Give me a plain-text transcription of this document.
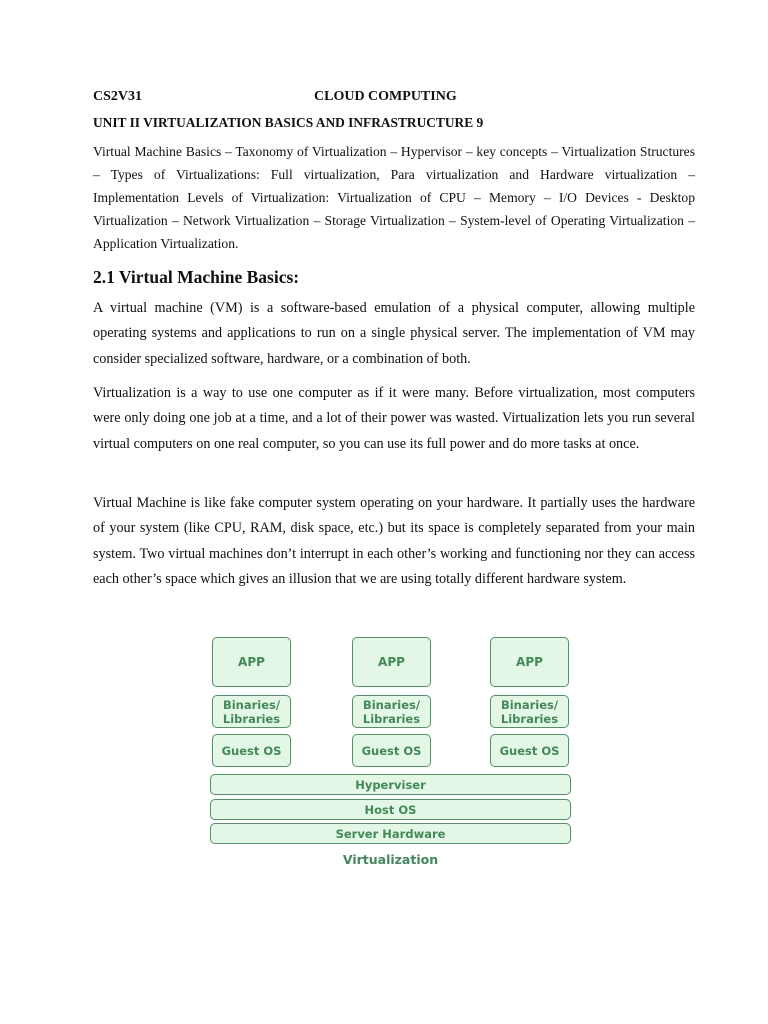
CS2V31	CLOUD COMPUTING
UNIT II VIRTUALIZATION BASICS AND INFRASTRUCTURE 9

Virtual Machine Basics – Taxonomy of Virtualization – Hypervisor – key concepts – Virtualization Structures – Types of Virtualizations: Full virtualization, Para virtualization and Hardware virtualization – Implementation Levels of Virtualization: Virtualization of CPU – Memory – I/O Devices - Desktop Virtualization – Network Virtualization – Storage Virtualization – System-level of Operating Virtualization – Application Virtualization.

2.1 Virtual Machine Basics:

A virtual machine (VM) is a software-based emulation of a physical computer, allowing multiple operating systems and applications to run on a single physical server. The implementation of VM may consider specialized software, hardware, or a combination of both.

Virtualization is a way to use one computer as if it were many. Before virtualization, most computers were only doing one job at a time, and a lot of their power was wasted. Virtualization lets you run several virtual computers on one real computer, so you can use its full power and do more tasks at once.

Virtual Machine is like fake computer system operating on your hardware. It partially uses the hardware of your system (like CPU, RAM, disk space, etc.) but its space is completely separated from your main system. Two virtual machines don’t interrupt in each other’s working and functioning nor they can access each other’s space which gives an illusion that we are using totally different hardware system.

APP
Binaries/ Libraries
Guest OS
APP
Binaries/ Libraries
Guest OS
APP
Binaries/ Libraries
Guest OS
Hyperviser
Host OS
Server Hardware
Virtualization
